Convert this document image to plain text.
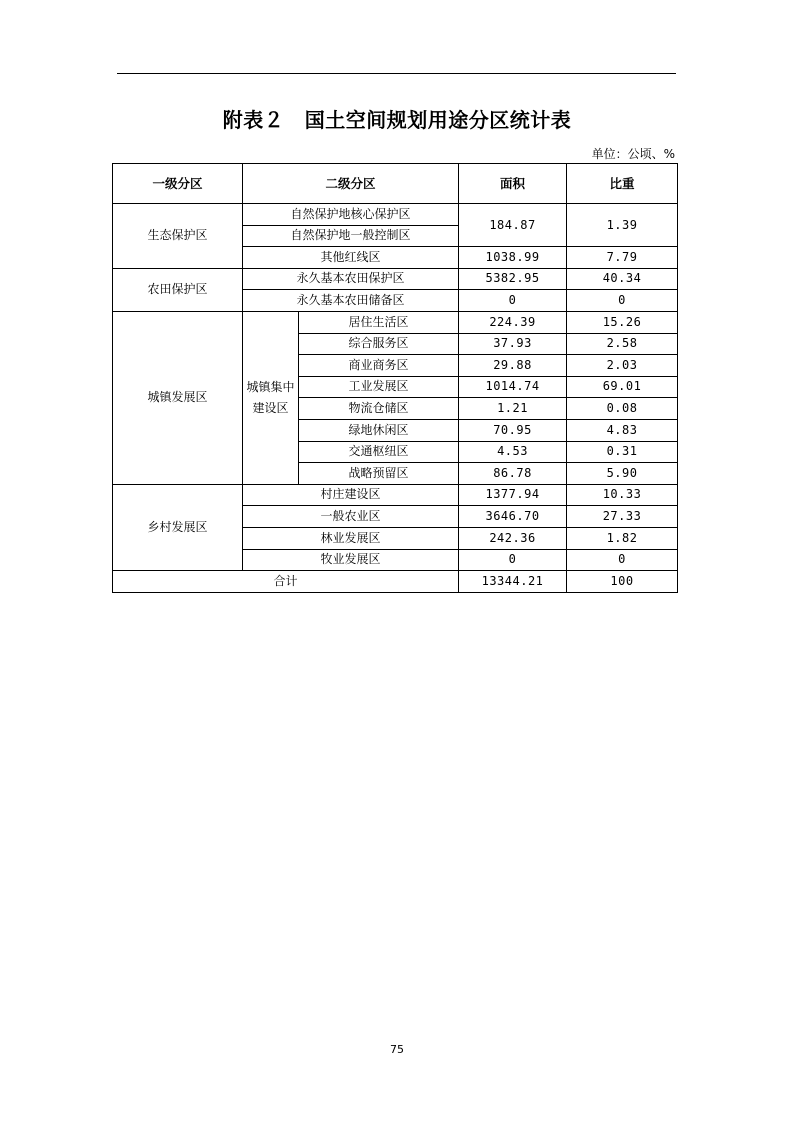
附表２　国土空间规划用途分区统计表
单位：公顷、%
一级分区	二级分区		面积	比重
生态保护区	自然保护地核心保护区		184.87	1.39
	自然保护地一般控制区			
	其他红线区		1038.99	7.79
农田保护区	永久基本农田保护区		5382.95	40.34
	永久基本农田储备区		0	0
城镇发展区	城镇集中建设区	居住生活区	224.39	15.26
		综合服务区	37.93	2.58
		商业商务区	29.88	2.03
		工业发展区	1014.74	69.01
		物流仓储区	1.21	0.08
		绿地休闲区	70.95	4.83
		交通枢纽区	4.53	0.31
		战略预留区	86.78	5.90
乡村发展区	村庄建设区		1377.94	10.33
	一般农业区		3646.70	27.33
	林业发展区		242.36	1.82
	牧业发展区		0	0
合计			13344.21	100
75
